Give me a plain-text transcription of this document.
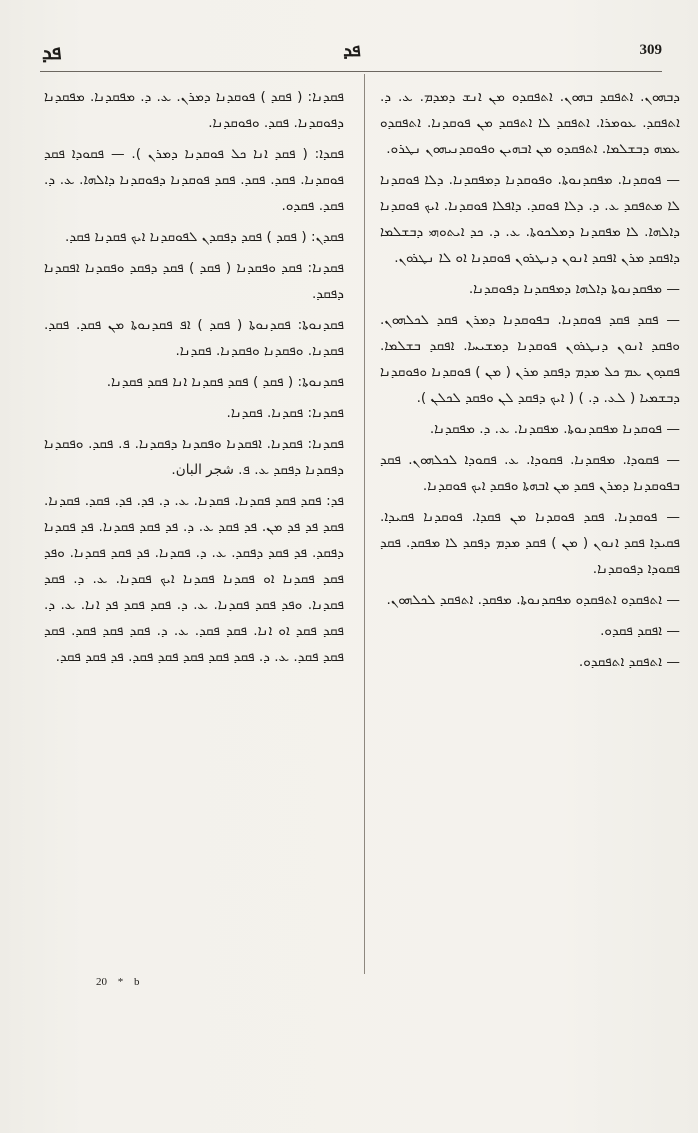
ܦܕ	ܦܕ	309

ܕܒܗܘܢ. ܐܬܦܩܕ ܒܗܘܢ. ܐܬܦܩܕܘ ܡܢ ܐܢܫ ܕܡܕܡ. ܥ. ܕ. ܐܬܦܩܕ. ܥܘܡܪܐ. ܐܬܦܩܕ ܠܐ ܐܬܦܩܕ ܡܢ ܦܘܩܕܢܐ. ܐܬܦܩܕܘ ܥܡܗ ܕܒܫܠܡܐ. ܐܬܦܩܕܘ ܡܢ ܐܒܗܝܢ ܘܦܘܩܕܢܝܗܘܢ ܢܛܪܘ.

— ܦܘܩܕܢܐ. ܡܦܩܕܢܘܬܐ. ܘܦܘܩܕܢܐ ܕܡܦܩܕܢܐ. ܕܠܐ ܦܘܩܕܢܐ ܠܐ ܡܬܦܩܕ ܥ. ܕ. ܕܠܐ ܦܘܩܕ. ܕܐܦܠܐ ܦܘܩܕܢܐ. ܐܝܟ ܦܘܩܕܢܐ ܕܐܠܗܐ. ܠܐ ܡܦܩܕܢܐ ܕܡܠܟܘܬܐ. ܥ. ܕ. ܟܕ ܐܝܬܘܗܝ ܕܒܫܠܡܐ ܕܐܦܩܕ ܡܪܢ ܐܦܩܕ ܐܢܘܢ ܕܢܛܪܘܢ ܦܘܩܕܢܐ ܐܘ ܠܐ ܢܛܪܘܢ.

— ܡܦܩܕܢܘܬܐ ܕܐܠܗܐ ܕܡܦܩܕܢܐ ܕܦܘܩܕܢܐ.

— ܦܩܕ ܦܩܕ ܦܘܩܕܢܐ. ܒܦܘܩܕܢܐ ܕܡܪܢ ܦܩܕ ܠܟܠܗܘܢ. ܘܦܩܕ ܐܢܘܢ ܕܢܛܪܘܢ ܦܘܩܕܢܐ ܕܡܫܝܚܐ. ܐܦܩܕ ܒܫܠܡܐ. ܦܩܕܘܢ ܥܡ ܟܠ ܡܕܡ ܕܦܩܕ ܡܪܢ ( ܡܢ ) ܦܘܩܕܢܐ ܘܦܘܩܕܢܐ ܕܒܫܡܝܐ ( ܠܥ. ܕ. ) ( ܐܝܟ ܕܦܩܕ ܠܢ ܘܦܩܕ ܠܟܠܢ ).

— ܦܘܩܕܢܐ ܡܦܩܕܢܘܬܐ. ܡܦܩܕܢܐ. ܥ. ܕ. ܡܦܩܕܢܐ.

— ܦܩܘܕܐ. ܡܦܩܕܢܐ. ܦܩܘܕܐ. ܥ. ܦܩܘܕܐ ܠܟܠܗܘܢ. ܦܩܕ ܒܦܘܩܕܢܐ ܕܡܪܢ ܦܩܕ ܡܢ ܐܒܗܬܐ ܘܦܩܕ ܐܝܟ ܦܘܩܕܢܐ.

— ܦܘܩܕܢܐ. ܦܩܕ ܦܘܩܕܢܐ ܡܢ ܦܩܕܐ. ܦܘܩܕܢܐ ܦܩܝܕܐ. ܦܩܝܕܐ ܦܩܕ ܐܢܘܢ ( ܡܢ ) ܦܩܕ ܡܕܡ ܕܦܩܕ ܠܐ ܡܦܩܕ. ܦܩܕ ܦܩܘܕܐ ܕܦܘܩܕܢܐ.

— ܐܬܦܩܕܘ ܐܬܦܩܕܘ ܡܦܩܕܢܘܬܐ. ܡܦܩܕ. ܐܬܦܩܕ ܠܟܠܗܘܢ.

— ܐܦܩܕ ܦܩܕܘ.

— ܐܬܦܩܕ ܐܬܦܩܕܘ.

ܦܩܕܢܐ: ( ܦܩܕ ) ܦܘܩܕܢܐ ܕܡܪܢ. ܥ. ܕ. ܡܦܩܕܢܐ. ܡܦܩܕܢܐ ܕܦܘܩܕܢܐ. ܦܩܕ. ܘܦܘܩܕܢܐ.

ܦܩܕܐ: ( ܦܩܕ ܐܢܐ ܟܠ ܦܘܩܕܢܐ ܕܡܪܢ ). — ܦܩܘܕܐ ܦܩܕ ܦܘܩܕܢܐ. ܦܩܕ. ܦܩܕ. ܦܩܕ ܦܘܩܕܢܐ ܕܦܘܩܕܢܐ ܕܐܠܗܐ. ܥ. ܕ. ܦܩܕ. ܦܩܕܘ.

ܦܩܕܢ: ( ܦܩܕ ) ܦܩܕ ܕܦܩܕܢ ܠܦܘܩܕܢܐ ܐܝܟ ܦܩܕܢܐ ܦܩܕ.

ܦܩܕܢܐ: ܦܩܕ ܘܦܩܕܢܐ ( ܦܩܕ ) ܦܩܕ ܕܦܩܕ ܘܦܩܕܢܐ ܐܦܩܕܢܐ ܕܦܩܕ.

ܦܩܕܢܘܬܐ: ܦܩܕܢܘܬܐ ( ܦܩܕ ) ܐܦ ܦܩܕܢܘܬܐ ܡܢ ܦܩܕ. ܦܩܕ. ܦܩܕܢܐ. ܘܦܩܕܢܐ ܘܦܩܕܢܐ. ܦܩܕܢܐ.

ܦܩܕܢܘܬܐ: ( ܦܩܕ ) ܦܩܕ ܦܩܕܢܐ ܐܢܐ ܦܩܕ ܦܩܕܢܐ.

ܦܩܕܢܐ: ܦܩܕܢܐ. ܦܩܕܢܐ.

ܦܩܕܢܐ: ܦܩܕܢܐ. ܐܦܩܕܢܐ ܘܦܩܕܢܐ ܕܦܩܕܢܐ. ܦ. ܦܩܕ. ܘܦܩܕܢܐ ܕܦܩܕܢܐ ܕܦܩܕ ܥ. ܦ. شجر البان.

ܦܕ: ܦܩܕ ܦܩܕ ܦܩܕܢܐ. ܦܩܕܢܐ. ܥ. ܕ. ܦܕ. ܦܕ. ܦܩܕ. ܦܩܕܢܐ. ܦܩܕ ܦܕ ܦܕ ܡܢ. ܦܕ ܦܩܕ ܥ. ܕ. ܦܕ ܦܩܕ ܦܩܕܢܐ. ܦܕ ܦܩܕܢܐ ܕܦܩܕ. ܦܕ ܦܩܕ ܕܦܩܕ. ܥ. ܕ. ܦܩܕܢܐ. ܦܕ ܦܩܕ ܦܩܕܢܐ. ܘܦܕ ܦܩܕ ܦܩܕܢܐ ܐܘ ܦܩܕܢܐ ܦܩܕܢܐ ܐܝܟ ܦܩܕܢܐ. ܥ. ܕ. ܦܩܕ ܦܩܕܢܐ. ܘܦܕ ܦܩܕ ܦܩܕܢܐ. ܥ. ܕ. ܦܩܕ ܦܩܕ ܦܕ ܐܢܐ. ܥ. ܕ. ܦܩܕ ܦܩܕ ܐܘ ܐܢܐ. ܦܩܕ ܦܩܕ. ܥ. ܕ. ܦܩܕ ܦܩܕ ܦܩܕ. ܦܩܕ ܦܩܕ ܦܩܕ. ܥ. ܕ. ܦܩܕ ܦܩܕ ܦܩܕ ܦܩܕ ܦܩܕ. ܦܕ ܦܩܕ ܦܩܕ.

20 * b
